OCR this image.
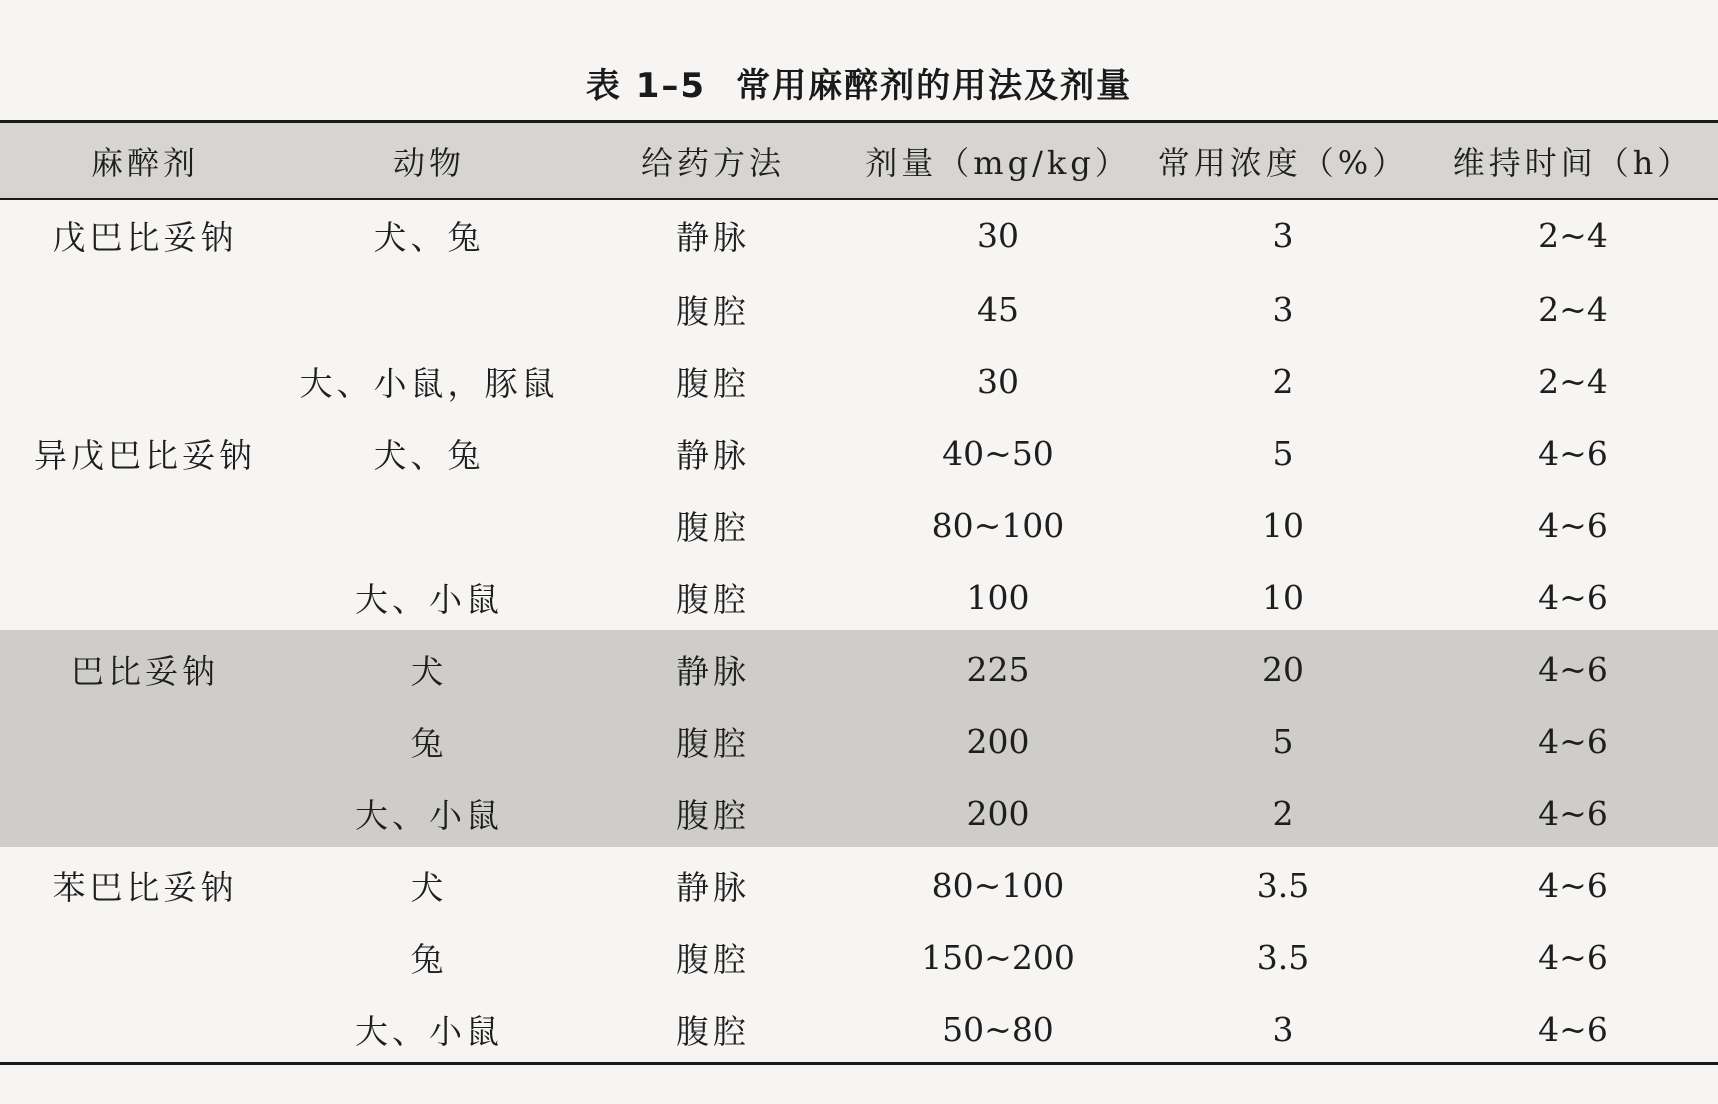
表 1–5 常用麻醉剂的用法及剂量
麻醉剂	动物	给药方法	剂量（mg/kg）	常用浓度（%）	维持时间（h）
戊巴比妥钠	犬、兔	静脉	30	3	2~4
		腹腔	45	3	2~4
	大、小鼠，豚鼠	腹腔	30	2	2~4
异戊巴比妥钠	犬、兔	静脉	40~50	5	4~6
		腹腔	80~100	10	4~6
	大、小鼠	腹腔	100	10	4~6
巴比妥钠	犬	静脉	225	20	4~6
	兔	腹腔	200	5	4~6
	大、小鼠	腹腔	200	2	4~6
苯巴比妥钠	犬	静脉	80~100	3.5	4~6
	兔	腹腔	150~200	3.5	4~6
	大、小鼠	腹腔	50~80	3	4~6
